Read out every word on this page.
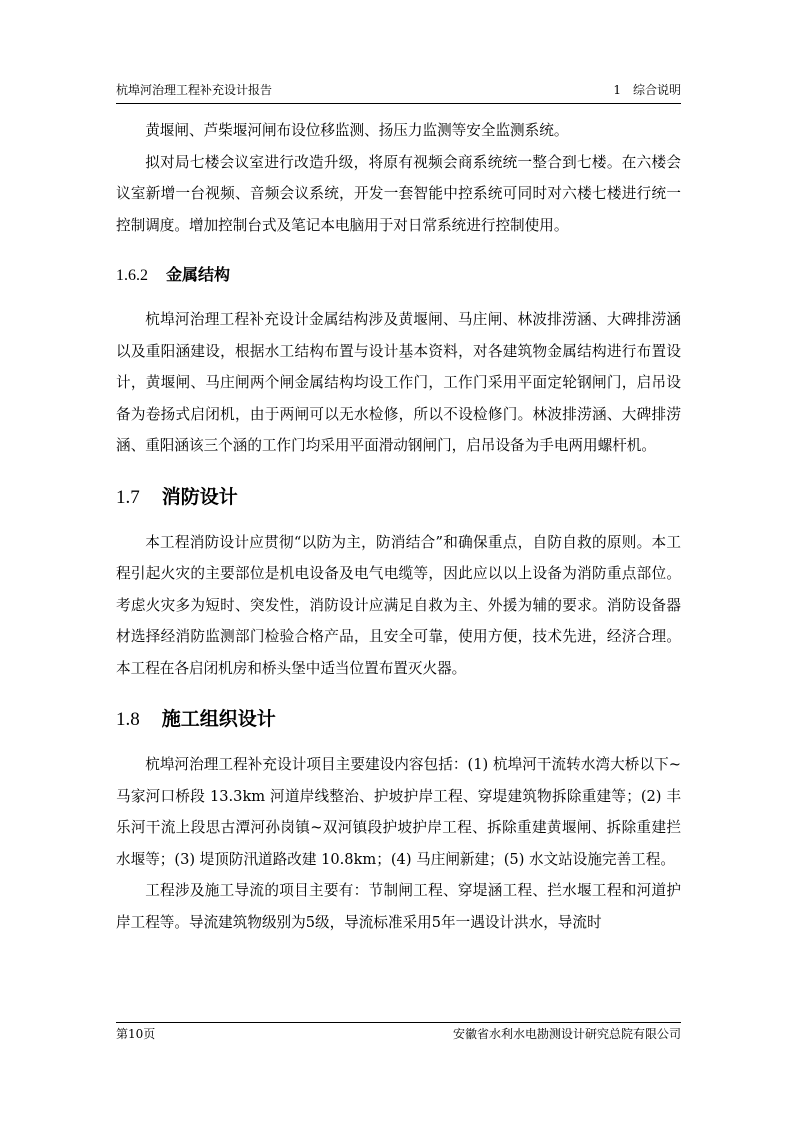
杭埠河治理工程补充设计报告	1　综合说明

黄堰闸、芦柴堰河闸布设位移监测、扬压力监测等安全监测系统。

拟对局七楼会议室进行改造升级，将原有视频会商系统统一整合到七楼。在六楼会议室新增一台视频、音频会议系统，开发一套智能中控系统可同时对六楼七楼进行统一控制调度。增加控制台式及笔记本电脑用于对日常系统进行控制使用。

1.6.2 金属结构

杭埠河治理工程补充设计金属结构涉及黄堰闸、马庄闸、林波排涝涵、大碑排涝涵以及重阳涵建设，根据水工结构布置与设计基本资料，对各建筑物金属结构进行布置设计，黄堰闸、马庄闸两个闸金属结构均设工作门，工作门采用平面定轮钢闸门，启吊设备为卷扬式启闭机，由于两闸可以无水检修，所以不设检修门。林波排涝涵、大碑排涝涵、重阳涵该三个涵的工作门均采用平面滑动钢闸门，启吊设备为手电两用螺杆机。

1.7 消防设计

本工程消防设计应贯彻“以防为主，防消结合”和确保重点，自防自救的原则。本工程引起火灾的主要部位是机电设备及电气电缆等，因此应以以上设备为消防重点部位。考虑火灾多为短时、突发性，消防设计应满足自救为主、外援为辅的要求。消防设备器材选择经消防监测部门检验合格产品，且安全可靠，使用方便，技术先进，经济合理。本工程在各启闭机房和桥头堡中适当位置布置灭火器。

1.8 施工组织设计

杭埠河治理工程补充设计项目主要建设内容包括：(1) 杭埠河干流转水湾大桥以下~马家河口桥段 13.3km 河道岸线整治、护坡护岸工程、穿堤建筑物拆除重建等；(2) 丰乐河干流上段思古潭河孙岗镇~双河镇段护坡护岸工程、拆除重建黄堰闸、拆除重建拦水堰等；(3) 堤顶防汛道路改建 10.8km；(4) 马庄闸新建；(5) 水文站设施完善工程。

工程涉及施工导流的项目主要有：节制闸工程、穿堤涵工程、拦水堰工程和河道护岸工程等。导流建筑物级别为5级，导流标准采用5年一遇设计洪水，导流时

第10页	安徽省水利水电勘测设计研究总院有限公司
